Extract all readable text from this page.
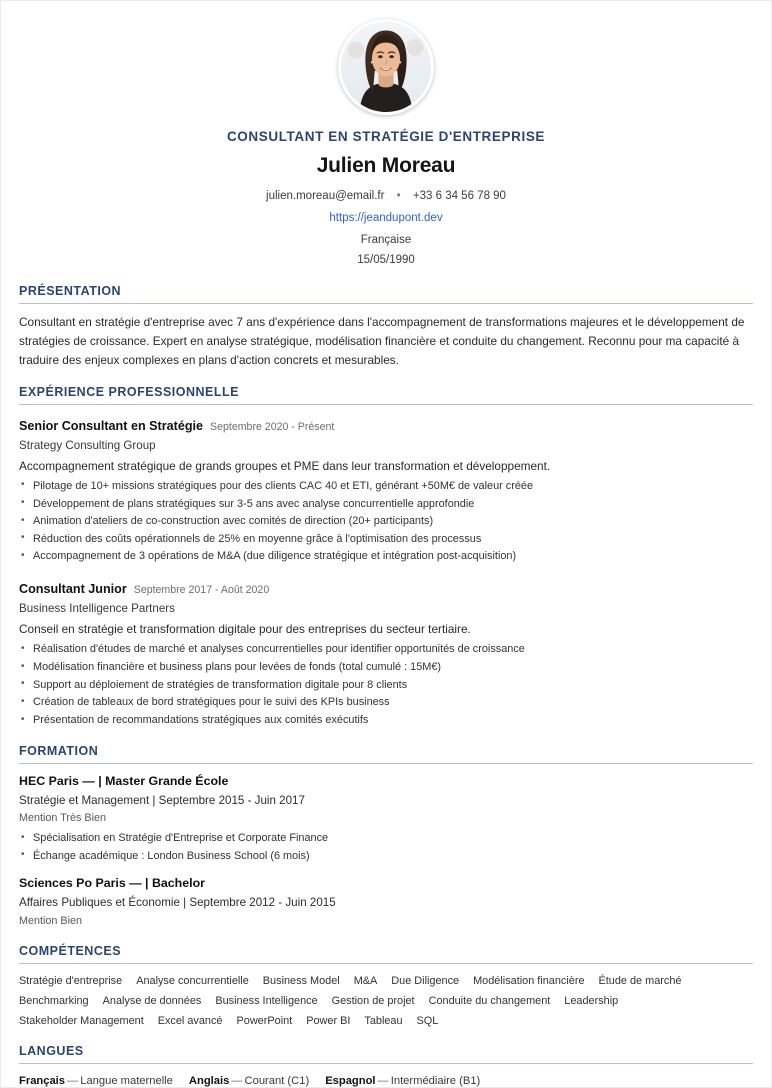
CONSULTANT EN STRATÉGIE D'ENTREPRISE
Julien Moreau

julien.moreau@email.fr • +33 6 34 56 78 90

https://jeandupont.dev

Française

15/05/1990

PRÉSENTATION

Consultant en stratégie d'entreprise avec 7 ans d'expérience dans l'accompagnement de transformations majeures et le développement de stratégies de croissance. Expert en analyse stratégique, modélisation financière et conduite du changement. Reconnu pour ma capacité à traduire des enjeux complexes en plans d'action concrets et mesurables.

EXPÉRIENCE PROFESSIONNELLE

Senior Consultant en Stratégie Septembre 2020 - Présent

Strategy Consulting Group

Accompagnement stratégique de grands groupes et PME dans leur transformation et développement.

• Pilotage de 10+ missions stratégiques pour des clients CAC 40 et ETI, générant +50M€ de valeur créée
• Développement de plans stratégiques sur 3-5 ans avec analyse concurrentielle approfondie
• Animation d'ateliers de co-construction avec comités de direction (20+ participants)
• Réduction des coûts opérationnels de 25% en moyenne grâce à l'optimisation des processus
• Accompagnement de 3 opérations de M&A (due diligence stratégique et intégration post-acquisition)

Consultant Junior Septembre 2017 - Août 2020

Business Intelligence Partners

Conseil en stratégie et transformation digitale pour des entreprises du secteur tertiaire.

• Réalisation d'études de marché et analyses concurrentielles pour identifier opportunités de croissance
• Modélisation financière et business plans pour levées de fonds (total cumulé : 15M€)
• Support au déploiement de stratégies de transformation digitale pour 8 clients
• Création de tableaux de bord stratégiques pour le suivi des KPIs business
• Présentation de recommandations stratégiques aux comités exécutifs
FORMATION

HEC Paris — | Master Grande École

Stratégie et Management | Septembre 2015 - Juin 2017

Mention Très Bien

• Spécialisation en Stratégie d'Entreprise et Corporate Finance
• Échange académique : London Business School (6 mois)

Sciences Po Paris — | Bachelor

Affaires Publiques et Économie | Septembre 2012 - Juin 2015

Mention Bien

COMPÉTENCES
Stratégie d'entreprise Analyse concurrentielle Business Model M&A Due Diligence Modélisation financière Étude de marché
Benchmarking Analyse de données Business Intelligence Gestion de projet Conduite du changement Leadership
Stakeholder Management Excel avancé PowerPoint Power BI Tableau SQL
LANGUES
Français — Langue maternelle Anglais — Courant (C1) Espagnol — Intermédiaire (B1)
